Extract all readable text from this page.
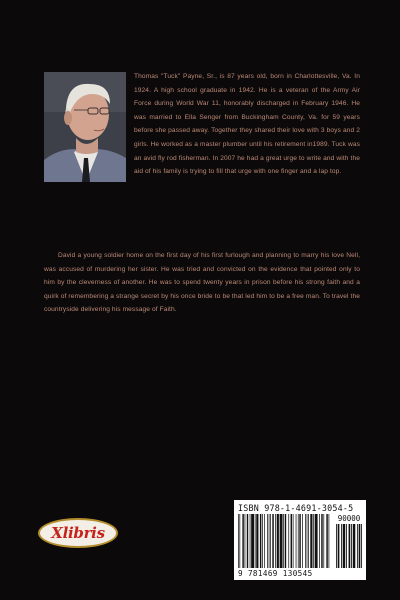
Thomas "Tuck" Payne, Sr., is 87 years old, born in Charlottesville, Va. In 1924. A high school graduate in 1942. He is a veteran of the Army Air Force during World War 11, honorably discharged in February 1946. He was married to Ella Senger from Buckingham County, Va. for 59 years before she passed away. Together they shared their love with 3 boys and 2 girls. He worked as a master plumber until his retirement in1989. Tuck was an avid fly rod fisherman. In 2007 he had a great urge to write and with the aid of his family is trying to fill that urge with one finger and a lap top.

David a young soldier home on the first day of his first furlough and planning to marry his love Nell, was accused of murdering her sister. He was tried and convicted on the evidence that pointed only to him by the cleverness of another. He was to spend twenty years in prison before his strong faith and a quirk of remembering a strange secret by his once bride to be that led him to be a free man. To travel the countryside delivering his message of Faith.

Xlibris
ISBN 978-1-4691-3054-5
90000
9 781469 130545
